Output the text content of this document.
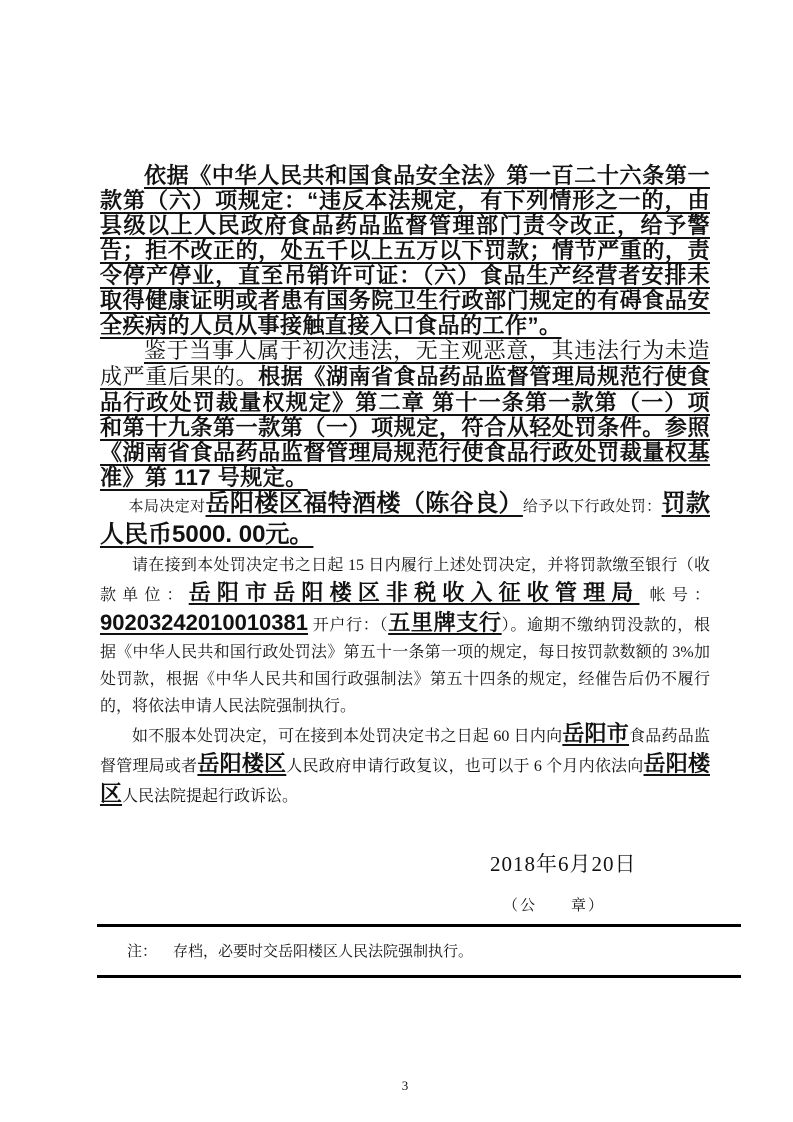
依据《中华人民共和国食品安全法》第一百二十六条第一款第（六）项规定：“违反本法规定，有下列情形之一的，由县级以上人民政府食品药品监督管理部门责令改正，给予警告；拒不改正的，处五千以上五万以下罚款；情节严重的，责令停产停业，直至吊销许可证：（六）食品生产经营者安排未取得健康证明或者患有国务院卫生行政部门规定的有碍食品安全疾病的人员从事接触直接入口食品的工作”。

鉴于当事人属于初次违法，无主观恶意，其违法行为未造成严重后果的。根据《湖南省食品药品监督管理局规范行使食品行政处罚裁量权规定》第二章 第十一条第一款第（一）项和第十九条第一款第（一）项规定，符合从轻处罚条件。参照《湖南省食品药品监督管理局规范行使食品行政处罚裁量权基准》第 117 号规定。

本局决定对岳阳楼区福特酒楼（陈谷良）给予以下行政处罚：罚款人民币5000. 00元。

请在接到本处罚决定书之日起 15 日内履行上述处罚决定，并将罚款缴至银行（收款单位：岳阳市岳阳楼区非税收入征收管理局 帐号：90203242010010381 开户行：（五里牌支行）。逾期不缴纳罚没款的，根据《中华人民共和国行政处罚法》第五十一条第一项的规定，每日按罚款数额的 3%加处罚款，根据《中华人民共和国行政强制法》第五十四条的规定，经催告后仍不履行的，将依法申请人民法院强制执行。

如不服本处罚决定，可在接到本处罚决定书之日起 60 日内向岳阳市食品药品监督管理局或者岳阳楼区人民政府申请行政复议，也可以于 6 个月内依法向岳阳楼区人民法院提起行政诉讼。

2018年6月20日
（公　　章）
注： 存档，必要时交岳阳楼区人民法院强制执行。
3
